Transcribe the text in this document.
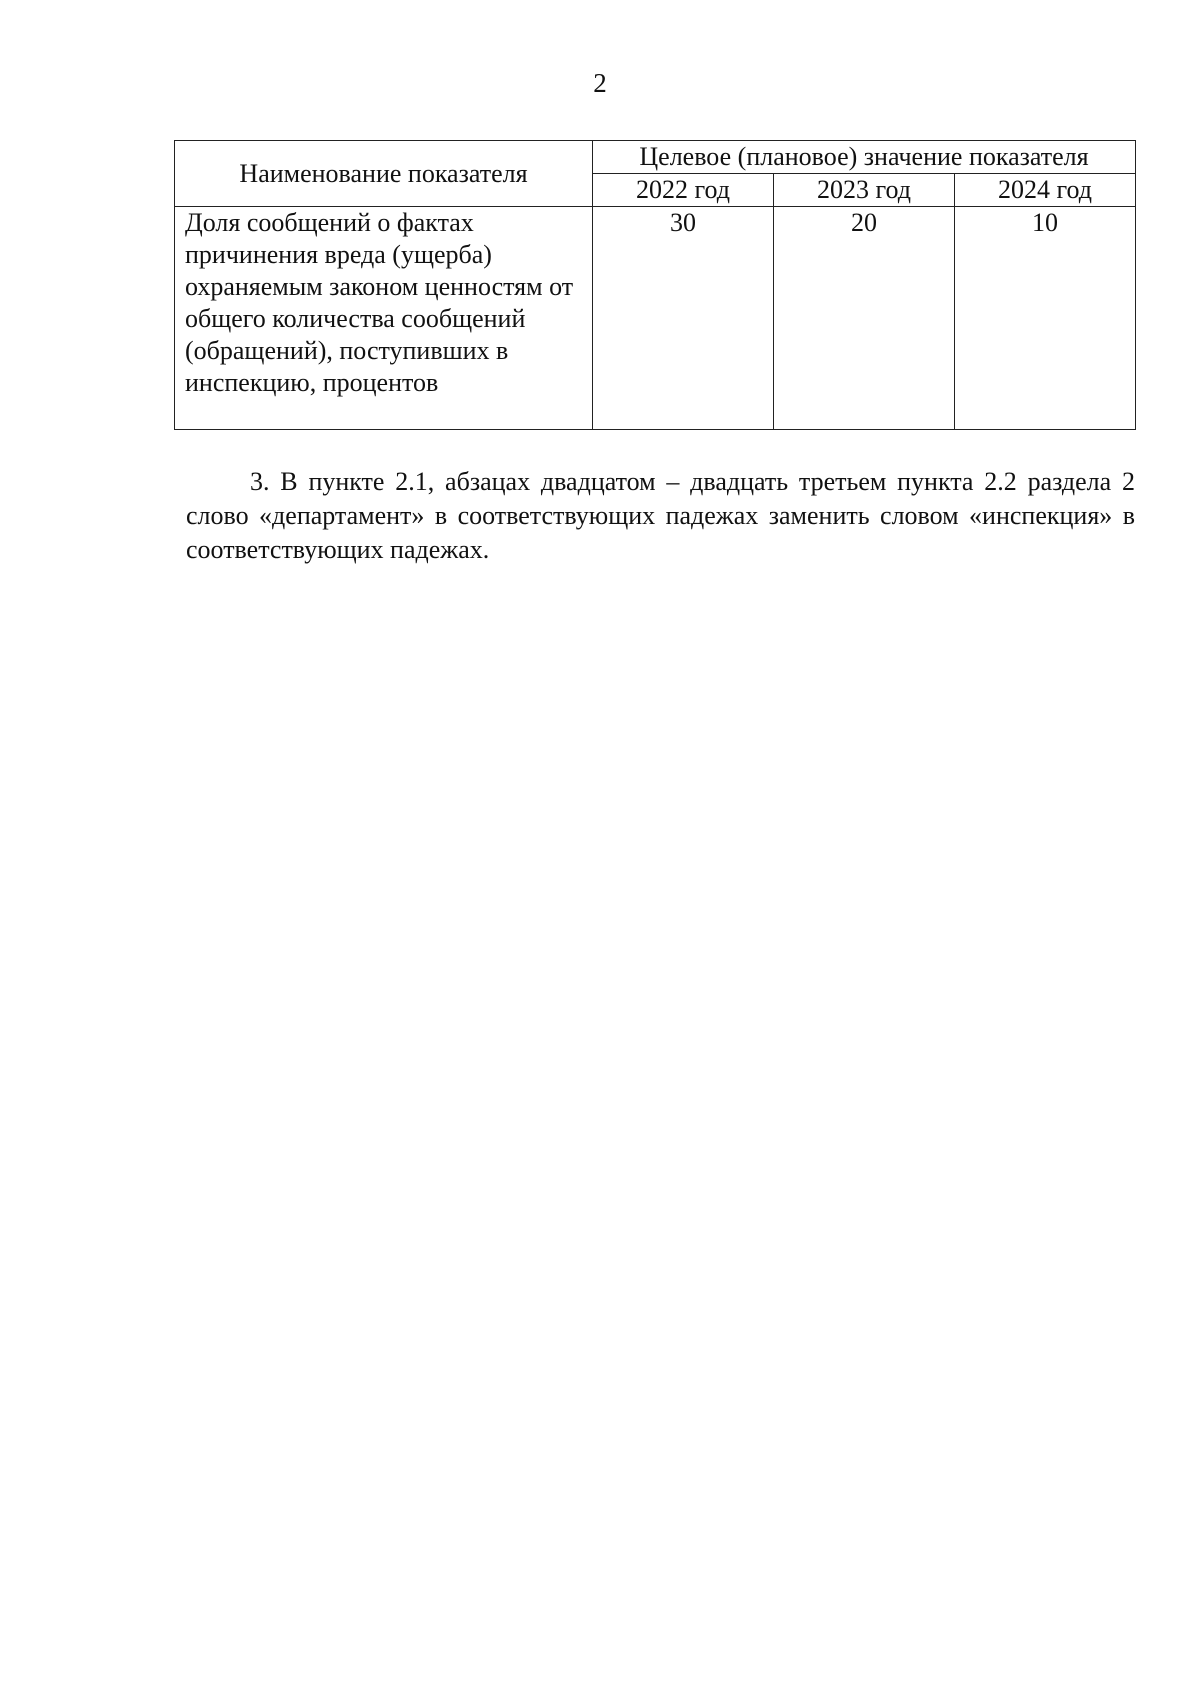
2
Наименование показателя	Целевое (плановое) значение показателя		
	2022 год	2023 год	2024 год
Доля сообщений о фактах причинения вреда (ущерба) охраняемым законом ценностям от общего количества сообщений (обращений), поступивших в инспекцию, процентов	30	20	10

3. В пункте 2.1, абзацах двадцатом – двадцать третьем пункта 2.2 раздела 2 слово «департамент» в соответствующих падежах заменить словом «инспекция» в соответствующих падежах.
